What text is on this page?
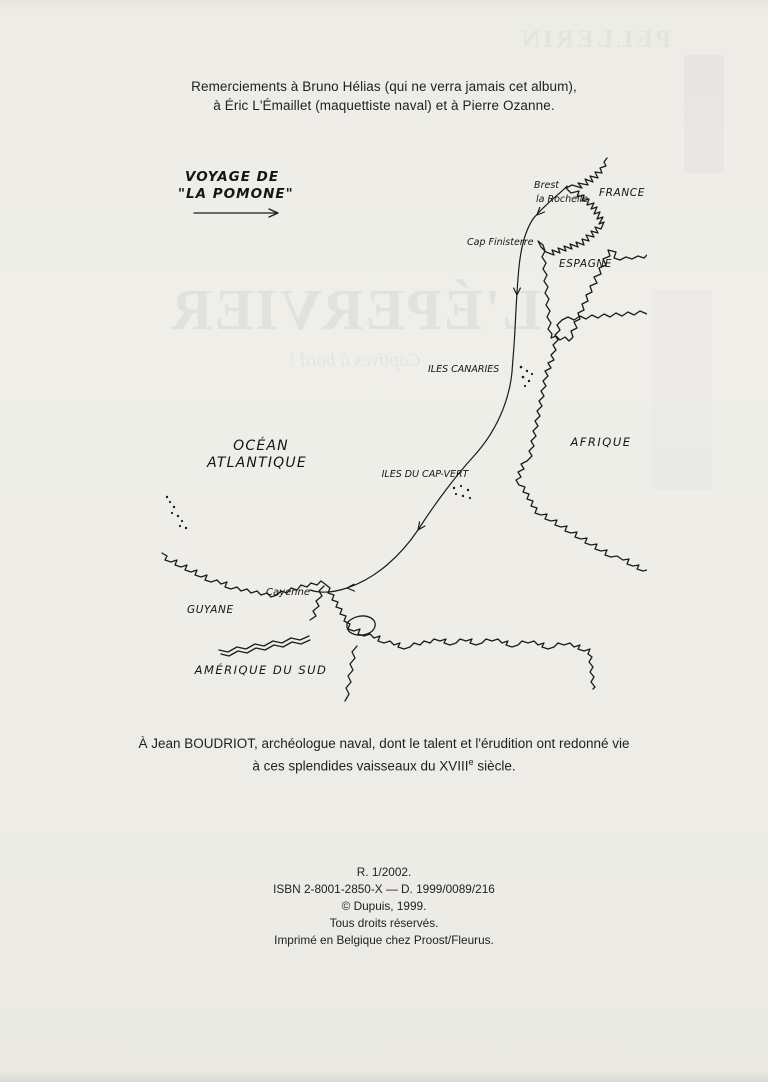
PELLERIN
L'ÉPERVIER
Captives à bord !
Remerciements à Bruno Hélias (qui ne verra jamais cet album),
à Éric L'Émaillet (maquettiste naval) et à Pierre Ozanne.
VOYAGE DE
"LA POMONE"
Brest
la Rochelle
FRANCE
Cap Finisterre
ESPAGNE
ILES CANARIES
OCÉAN
ATLANTIQUE
AFRIQUE
ILES DU CAP-VERT
Cayenne
GUYANE
AMÉRIQUE DU SUD
À Jean BOUDRIOT, archéologue naval, dont le talent et l'érudition ont redonné vie
à ces splendides vaisseaux du XVIIIe siècle.
R. 1/2002.
ISBN 2-8001-2850-X — D. 1999/0089/216
© Dupuis, 1999.
Tous droits réservés.
Imprimé en Belgique chez Proost/Fleurus.
